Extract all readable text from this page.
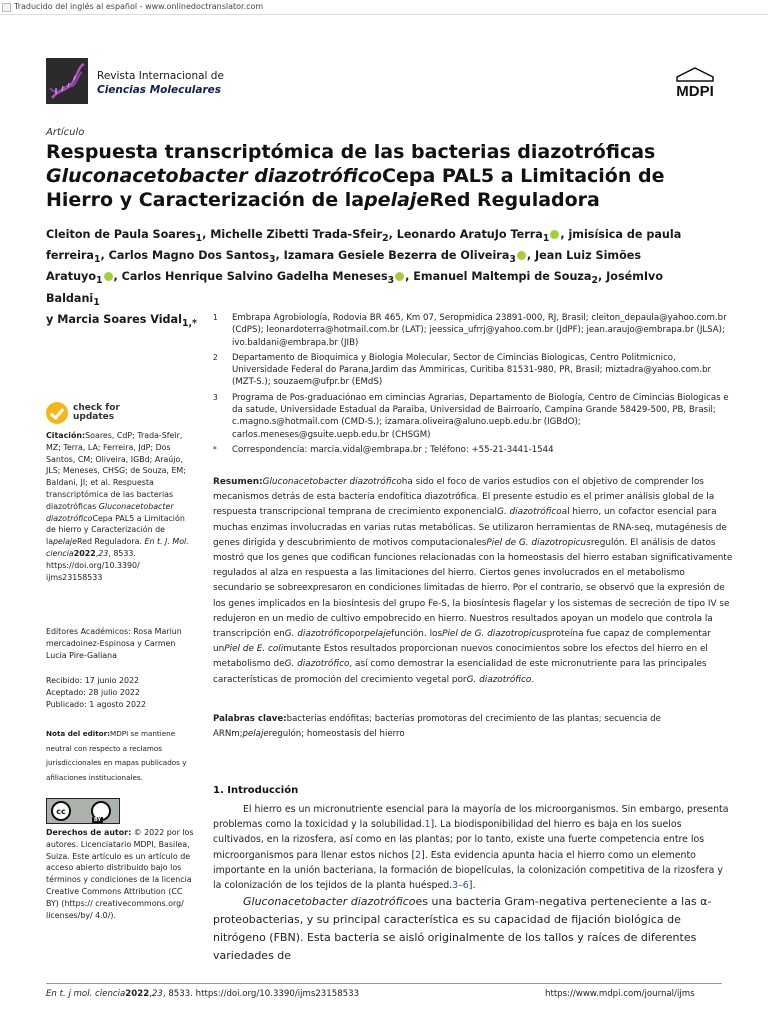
Traducido del inglés al español - www.onlinedoctranslator.com
Revista Internacional de
Ciencias Moleculares	MDPI
Artículo
Respuesta transcriptómica de las bacterias diazotróficas
Gluconacetobacter diazotróficoCepa PAL5 a Limitación de Hierro y Caracterización de lapelajeRed Reguladora
Cleiton de Paula Soares$_1$, Michelle Zibetti Trada-Sfeir$_2$, Leonardo AratuJo Terra$_1$ , jmisísica de paula ferreira$_1$, Carlos Magno Dos Santos$_3$, Izamara Gesiele Bezerra de Oliveira$_3$ , Jean Luiz Simões Aratuyo$_1$ , Carlos Henrique Salvino Gadelha Meneses$_3$ , Emanuel Maltempi de Souza$_2$, JosémIvo Baldani$_1$
y Marcia Soares Vidal$_{1,*}$
1	Embrapa Agrobiología, Rodovia BR 465, Km 07, Seropmidica 23891-000, RJ, Brasil; cleiton_depaula@yahoo.com.br (CdPS); leonardoterra@hotmail.com.br (LAT); jeessica_ufrrj@yahoo.com.br (JdPF); jean.araujo@embrapa.br (JLSA); ivo.baldani@embrapa.br (JIB)
2	Departamento de Bioquimica y Biologia Molecular, Sector de Cimincias Biologicas, Centro Politmicnico, Universidade Federal do Parana,Jardim das Ammiricas, Curitiba 81531-980, PR, Brasil; miztadra@yahoo.com.br (MZT-S.); souzaem@ufpr.br (EMdS)
3	Programa de Pos-graduaciónao em cimincias Agrarias, Departamento de Biología, Centro de Cimincias Biologicas e da satude, Universidade Estadual da Paraiba, Universidad de Bairroarío, Campina Grande 58429-500, PB, Brasil; c.magno.s@hotmail.com (CMD-S.); izamara.oliveira@aluno.uepb.edu.br (IGBdO); carlos.meneses@gsuite.uepb.edu.br (CHSGM)
*	Correspondencia: marcia.vidal@embrapa.br ; Teléfono: +55-21-3441-1544
check for
updates
Citación:Soares, CdP; Trada-Sfeir, MZ; Terra, LA; Ferreira, JdP; Dos Santos, CM; Oliveira, IGBd; Araújo, JLS; Meneses, CHSG; de Souza, EM; Baldani, JI; et al. Respuesta transcriptómica de las bacterias diazotróficas Gluconacetobacter diazotróficoCepa PAL5 a Limitación de hierro y Caracterización de lapelajeRed Reguladora. En t. J. Mol. ciencia2022,23, 8533. https://doi.org/10.3390/ ijms23158533
Editores Académicos: Rosa Mariun mercadoinez-Espinosa y Carmen Lucia Pire-Galiana
Recibido: 17 junio 2022
Aceptado: 28 julio 2022
Publicado: 1 agosto 2022
Nota del editor:MDPI se mantiene neutral con respecto a reclamos jurisdiccionales en mapas publicados y afiliaciones institucionales.
cc
BY
Derechos de autor: © 2022 por los autores. Licenciatario MDPI, Basilea, Suiza. Este artículo es un artículo de acceso abierto distribuido bajo los términos y condiciones de la licencia Creative Commons Attribution (CC BY) (https:// creativecommons.org/ licenses/by/ 4.0/).
Resumen:Gluconacetobacter diazotróficoha sido el foco de varios estudios con el objetivo de comprender los mecanismos detrás de esta bacteria endofítica diazotrófica. El presente estudio es el primer análisis global de la respuesta transcripcional temprana de crecimiento exponencialG. diazotróficoal hierro, un cofactor esencial para muchas enzimas involucradas en varias rutas metabólicas. Se utilizaron herramientas de RNA-seq, mutagénesis de genes dirigida y descubrimiento de motivos computacionalesPiel de G. diazotropicusregulón. El análisis de datos mostró que los genes que codifican funciones relacionadas con la homeostasis del hierro estaban significativamente regulados al alza en respuesta a las limitaciones del hierro. Ciertos genes involucrados en el metabolismo secundario se sobreexpresaron en condiciones limitadas de hierro. Por el contrario, se observó que la expresión de los genes implicados en la biosíntesis del grupo Fe-S, la biosíntesis flagelar y los sistemas de secreción de tipo IV se redujeron en un medio de cultivo empobrecido en hierro. Nuestros resultados apoyan un modelo que controla la transcripción enG. diazotróficoporpelajefunción. losPiel de G. diazotropicusproteína fue capaz de complementar unPiel de E. colimutante Estos resultados proporcionan nuevos conocimientos sobre los efectos del hierro en el metabolismo deG. diazotrófico, así como demostrar la esencialidad de este micronutriente para las principales características de promoción del crecimiento vegetal porG. diazotrófico.
Palabras clave:bacterias endófitas; bacterias promotoras del crecimiento de las plantas; secuencia de ARNm;pelajeregulón; homeostasis del hierro
1. Introducción

El hierro es un micronutriente esencial para la mayoría de los microorganismos. Sin embargo, presenta problemas como la toxicidad y la solubilidad.1]. La biodisponibilidad del hierro es baja en los suelos cultivados, en la rizosfera, así como en las plantas; por lo tanto, existe una fuerte competencia entre los microorganismos para llenar estos nichos [2]. Esta evidencia apunta hacia el hierro como un elemento importante en la unión bacteriana, la formación de biopelículas, la colonización competitiva de la rizosfera y la colonización de los tejidos de la planta huésped.3–6].

Gluconacetobacter diazotróficoes una bacteria Gram-negativa perteneciente a las α-proteobacterias, y su principal característica es su capacidad de fijación biológica de nitrógeno (FBN). Esta bacteria se aisló originalmente de los tallos y raíces de diferentes variedades de

En t. j mol. ciencia2022,23, 8533. https://doi.org/10.3390/ijms23158533	https://www.mdpi.com/journal/ijms
